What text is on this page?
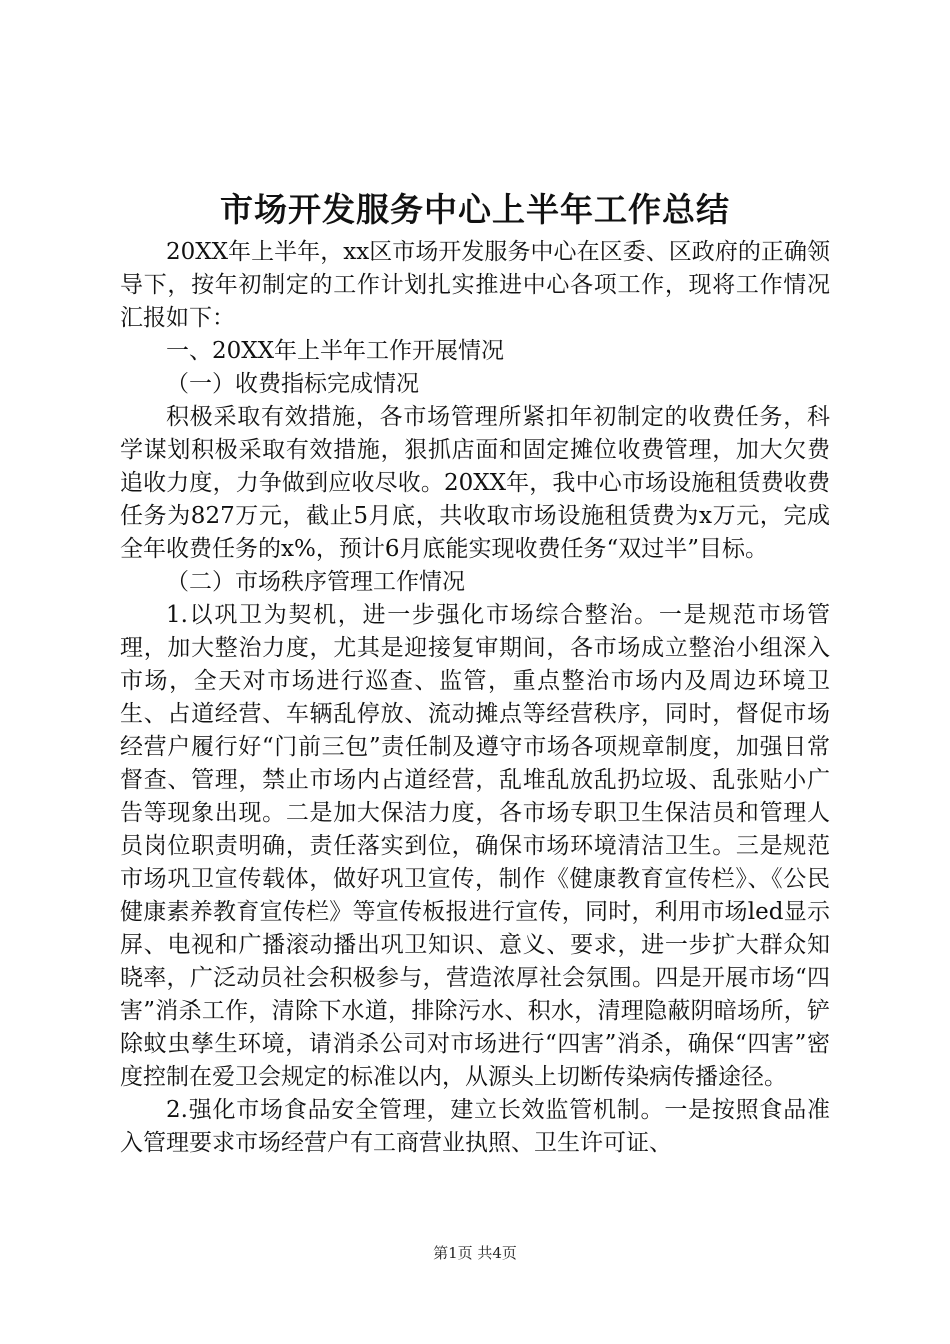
市场开发服务中心上半年工作总结

20XX年上半年，xx区市场开发服务中心在区委、区政府的正确领导下，按年初制定的工作计划扎实推进中心各项工作，现将工作情况汇报如下：

一、20XX年上半年工作开展情况

（一）收费指标完成情况

积极采取有效措施，各市场管理所紧扣年初制定的收费任务，科学谋划积极采取有效措施，狠抓店面和固定摊位收费管理，加大欠费追收力度，力争做到应收尽收。20XX年，我中心市场设施租赁费收费任务为827万元，截止5月底，共收取市场设施租赁费为x万元，完成全年收费任务的x%，预计6月底能实现收费任务“双过半”目标。

（二）市场秩序管理工作情况

1.以巩卫为契机，进一步强化市场综合整治。一是规范市场管理，加大整治力度，尤其是迎接复审期间，各市场成立整治小组深入市场，全天对市场进行巡查、监管，重点整治市场内及周边环境卫生、占道经营、车辆乱停放、流动摊点等经营秩序，同时，督促市场经营户履行好“门前三包”责任制及遵守市场各项规章制度，加强日常督查、管理，禁止市场内占道经营，乱堆乱放乱扔垃圾、乱张贴小广告等现象出现。二是加大保洁力度，各市场专职卫生保洁员和管理人员岗位职责明确，责任落实到位，确保市场环境清洁卫生。三是规范市场巩卫宣传载体，做好巩卫宣传，制作《健康教育宣传栏》、《公民健康素养教育宣传栏》等宣传板报进行宣传，同时，利用市场led显示屏、电视和广播滚动播出巩卫知识、意义、要求，进一步扩大群众知晓率，广泛动员社会积极参与，营造浓厚社会氛围。四是开展市场“四害”消杀工作，清除下水道，排除污水、积水，清理隐蔽阴暗场所，铲除蚊虫孳生环境，请消杀公司对市场进行“四害”消杀，确保“四害”密度控制在爱卫会规定的标准以内，从源头上切断传染病传播途径。

2.强化市场食品安全管理，建立长效监管机制。一是按照食品准入管理要求市场经营户有工商营业执照、卫生许可证、

第1页 共4页
